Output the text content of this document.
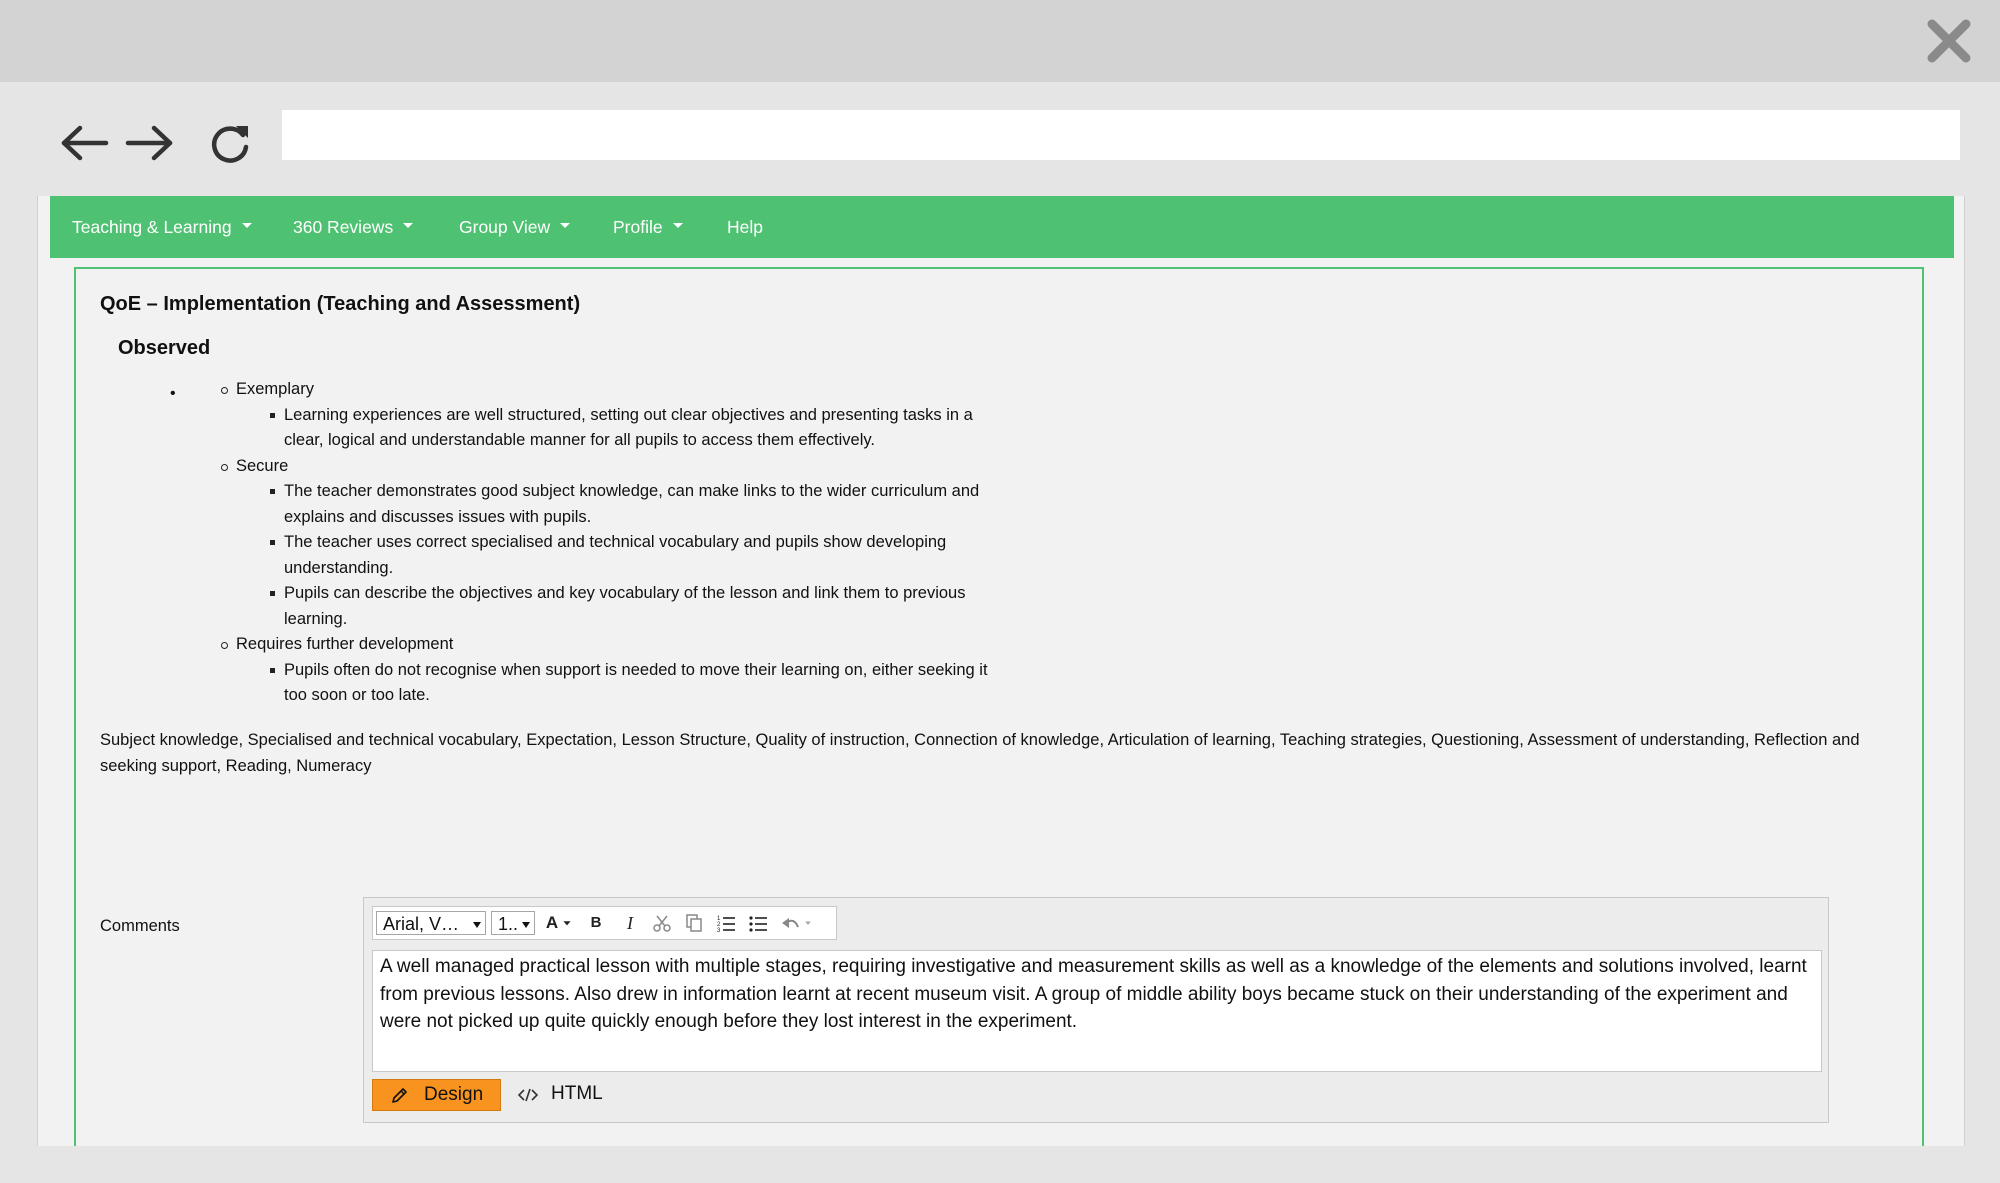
Teaching & Learning	360 Reviews	Group View	Profile	Help
QoE – Implementation (Teaching and Assessment)
Observed
•	Exemplary
Learning experiences are well structured, setting out clear objectives and presenting tasks in a clear, logical and understandable manner for all pupils to access them effectively.
Secure
The teacher demonstrates good subject knowledge, can make links to the wider curriculum and explains and discusses issues with pupils.
The teacher uses correct specialised and technical vocabulary and pupils show developing understanding.
Pupils can describe the objectives and key vocabulary of the lesson and link them to previous learning.
Requires further development
Pupils often do not recognise when support is needed to move their learning on, either seeking it too soon or too late.
Subject knowledge, Specialised and technical vocabulary, Expectation, Lesson Structure, Quality of instruction, Connection of knowledge, Articulation of learning, Teaching strategies, Questioning, Assessment of understanding, Reflection and seeking support, Reading, Numeracy
Comments	Arial, V…	1..	A	B	I	1
2
3
A well managed practical lesson with multiple stages, requiring investigative and measurement skills as well as a knowledge of the elements and solutions involved, learnt from previous lessons. Also drew in information learnt at recent museum visit. A group of middle ability boys became stuck on their understanding of the experiment and were not picked up quite quickly enough before they lost interest in the experiment.
Design	HTML
